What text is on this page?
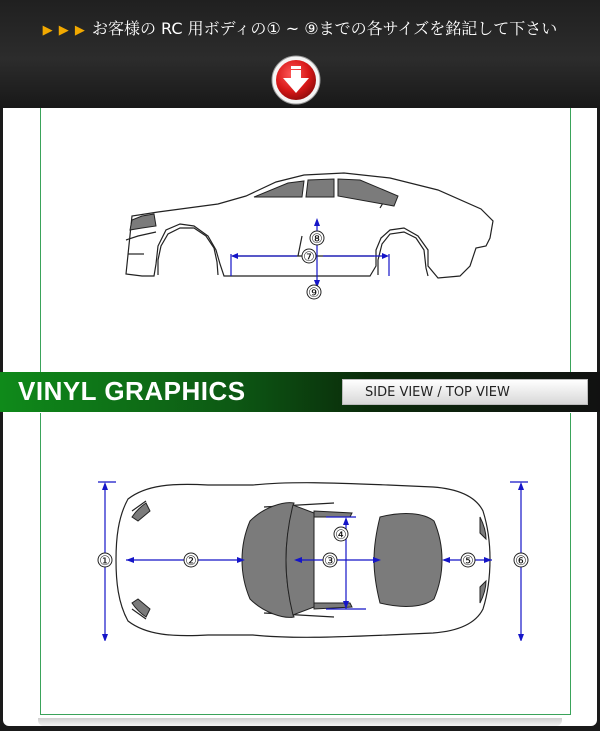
▶ ▶ ▶ お客様の RC 用ボディの① ~ ⑨までの各サイズを銘記して下さい
⑧
⑦
①	②	③
④
⑤	⑥
⑨
VINYL GRAPHICS	SIDE VIEW / TOP VIEW
